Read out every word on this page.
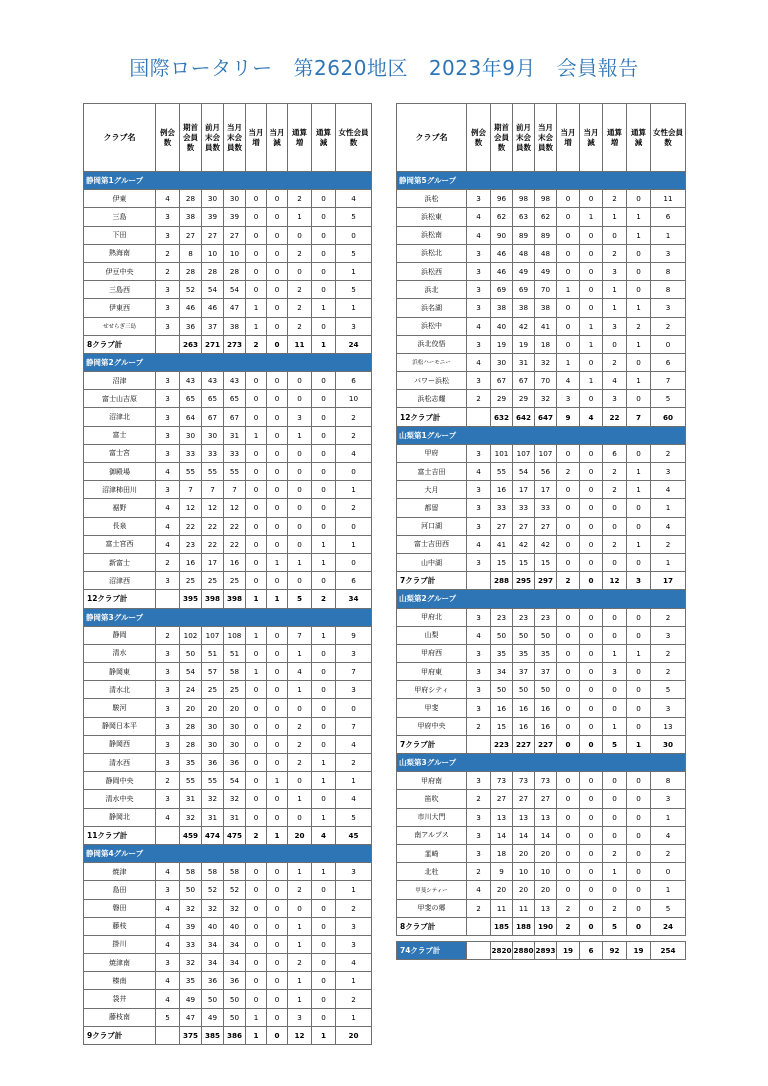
国際ロータリー 第2620地区 2023年9月 会員報告
クラブ名	例会数	期首会員数	前月末会員数	当月末会員数	当月増	当月減	通算増	通算減	女性会員数
静岡第1グループ									
伊東	4	28	30	30	0	0	2	0	4
三島	3	38	39	39	0	0	1	0	5
下田	3	27	27	27	0	0	0	0	0
熱海南	2	8	10	10	0	0	2	0	5
伊豆中央	2	28	28	28	0	0	0	0	1
三島西	3	52	54	54	0	0	2	0	5
伊東西	3	46	46	47	1	0	2	1	1
せせらぎ三島	3	36	37	38	1	0	2	0	3
8クラブ計		263	271	273	2	0	11	1	24
静岡第2グループ									
沼津	3	43	43	43	0	0	0	0	6
富士山吉原	3	65	65	65	0	0	0	0	10
沼津北	3	64	67	67	0	0	3	0	2
富士	3	30	30	31	1	0	1	0	2
富士宮	3	33	33	33	0	0	0	0	4
御殿場	4	55	55	55	0	0	0	0	0
沼津柿田川	3	7	7	7	0	0	0	0	1
裾野	4	12	12	12	0	0	0	0	2
長泉	4	22	22	22	0	0	0	0	0
富士宮西	4	23	22	22	0	0	0	1	1
新富士	2	16	17	16	0	1	1	1	0
沼津西	3	25	25	25	0	0	0	0	6
12クラブ計		395	398	398	1	1	5	2	34
静岡第3グループ									
静岡	2	102	107	108	1	0	7	1	9
清水	3	50	51	51	0	0	1	0	3
静岡東	3	54	57	58	1	0	4	0	7
清水北	3	24	25	25	0	0	1	0	3
駿河	3	20	20	20	0	0	0	0	0
静岡日本平	3	28	30	30	0	0	2	0	7
静岡西	3	28	30	30	0	0	2	0	4
清水西	3	35	36	36	0	0	2	1	2
静岡中央	2	55	55	54	0	1	0	1	1
清水中央	3	31	32	32	0	0	1	0	4
静岡北	4	32	31	31	0	0	0	1	5
11クラブ計		459	474	475	2	1	20	4	45
静岡第4グループ									
焼津	4	58	58	58	0	0	1	1	3
島田	3	50	52	52	0	0	2	0	1
磐田	4	32	32	32	0	0	0	0	2
藤枝	4	39	40	40	0	0	1	0	3
掛川	4	33	34	34	0	0	1	0	3
焼津南	3	32	34	34	0	0	2	0	4
榛南	4	35	36	36	0	0	1	0	1
袋井	4	49	50	50	0	0	1	0	2
藤枝南	5	47	49	50	1	0	3	0	1
9クラブ計		375	385	386	1	0	12	1	20
クラブ名	例会数	期首会員数	前月末会員数	当月末会員数	当月増	当月減	通算増	通算減	女性会員数
静岡第5グループ									
浜松	3	96	98	98	0	0	2	0	11
浜松東	4	62	63	62	0	1	1	1	6
浜松南	4	90	89	89	0	0	0	1	1
浜松北	3	46	48	48	0	0	2	0	3
浜松西	3	46	49	49	0	0	3	0	8
浜北	3	69	69	70	1	0	1	0	8
浜名湖	3	38	38	38	0	0	1	1	3
浜松中	4	40	42	41	0	1	3	2	2
浜北佼悟	3	19	19	18	0	1	0	1	0
浜松ハーモニー	4	30	31	32	1	0	2	0	6
パワー浜松	3	67	67	70	4	1	4	1	7
浜松志耀	2	29	29	32	3	0	3	0	5
12クラブ計		632	642	647	9	4	22	7	60
山梨第1グループ									
甲府	3	101	107	107	0	0	6	0	2
富士吉田	4	55	54	56	2	0	2	1	3
大月	3	16	17	17	0	0	2	1	4
都留	3	33	33	33	0	0	0	0	1
河口湖	3	27	27	27	0	0	0	0	4
富士吉田西	4	41	42	42	0	0	2	1	2
山中湖	3	15	15	15	0	0	0	0	1
7クラブ計		288	295	297	2	0	12	3	17
山梨第2グループ									
甲府北	3	23	23	23	0	0	0	0	2
山梨	4	50	50	50	0	0	0	0	3
甲府西	3	35	35	35	0	0	1	1	2
甲府東	3	34	37	37	0	0	3	0	2
甲府シティ	3	50	50	50	0	0	0	0	5
甲斐	3	16	16	16	0	0	0	0	3
甲府中央	2	15	16	16	0	0	1	0	13
7クラブ計		223	227	227	0	0	5	1	30
山梨第3グループ									
甲府南	3	73	73	73	0	0	0	0	8
笛吹	2	27	27	27	0	0	0	0	3
市川大門	3	13	13	13	0	0	0	0	1
南アルプス	3	14	14	14	0	0	0	0	4
韮崎	3	18	20	20	0	0	2	0	2
北杜	2	9	10	10	0	0	1	0	0
甲斐シティー	4	20	20	20	0	0	0	0	1
甲斐の郷	2	11	11	13	2	0	2	0	5
8クラブ計		185	188	190	2	0	5	0	24
74クラブ計		2820	2880	2893	19	6	92	19	254
